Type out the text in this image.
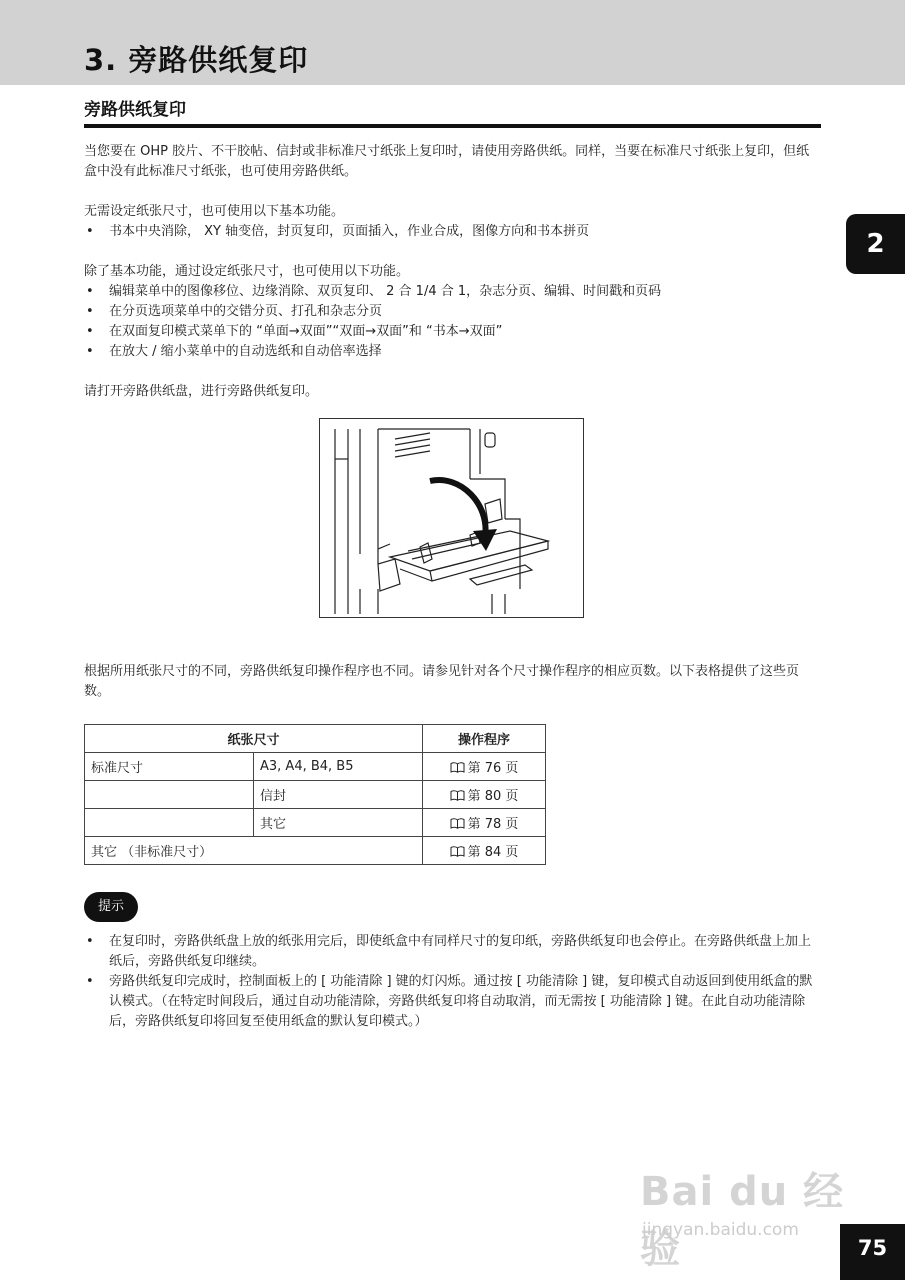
3. 旁路供纸复印
旁路供纸复印
2
当您要在 OHP 胶片、不干胶帖、信封或非标准尺寸纸张上复印时，请使用旁路供纸。同样，当要在标准尺寸纸张上复印，但纸盒中没有此标准尺寸纸张，也可使用旁路供纸。
无需设定纸张尺寸，也可使用以下基本功能。
• 书本中央消除， XY 轴变倍，封页复印，页面插入，作业合成，图像方向和书本拼页
除了基本功能，通过设定纸张尺寸，也可使用以下功能。
• 编辑菜单中的图像移位、边缘消除、双页复印、 2 合 1/4 合 1，杂志分页、编辑、时间戳和页码
• 在分页选项菜单中的交错分页、打孔和杂志分页
• 在双面复印模式菜单下的 “单面→双面”“双面→双面”和 “书本→双面”
• 在放大 / 缩小菜单中的自动选纸和自动倍率选择
请打开旁路供纸盘，进行旁路供纸复印。
根据所用纸张尺寸的不同，旁路供纸复印操作程序也不同。请参见针对各个尺寸操作程序的相应页数。以下表格提供了这些页数。
纸张尺寸		操作程序
标准尺寸	A3, A4, B4, B5	第 76 页
	信封	第 80 页
	其它	第 78 页
其它 （非标准尺寸）		第 84 页
提示
• 在复印时，旁路供纸盘上放的纸张用完后，即使纸盒中有同样尺寸的复印纸，旁路供纸复印也会停止。在旁路供纸盘上加上纸后，旁路供纸复印继续。
• 旁路供纸复印完成时，控制面板上的 [ 功能清除 ] 键的灯闪烁。通过按 [ 功能清除 ] 键，复印模式自动返回到使用纸盒的默认模式。（在特定时间段后，通过自动功能清除，旁路供纸复印将自动取消，而无需按 [ 功能清除 ] 键。在此自动功能清除后，旁路供纸复印将回复至使用纸盒的默认复印模式。）
Bai du 经验
jingyan.baidu.com
75
